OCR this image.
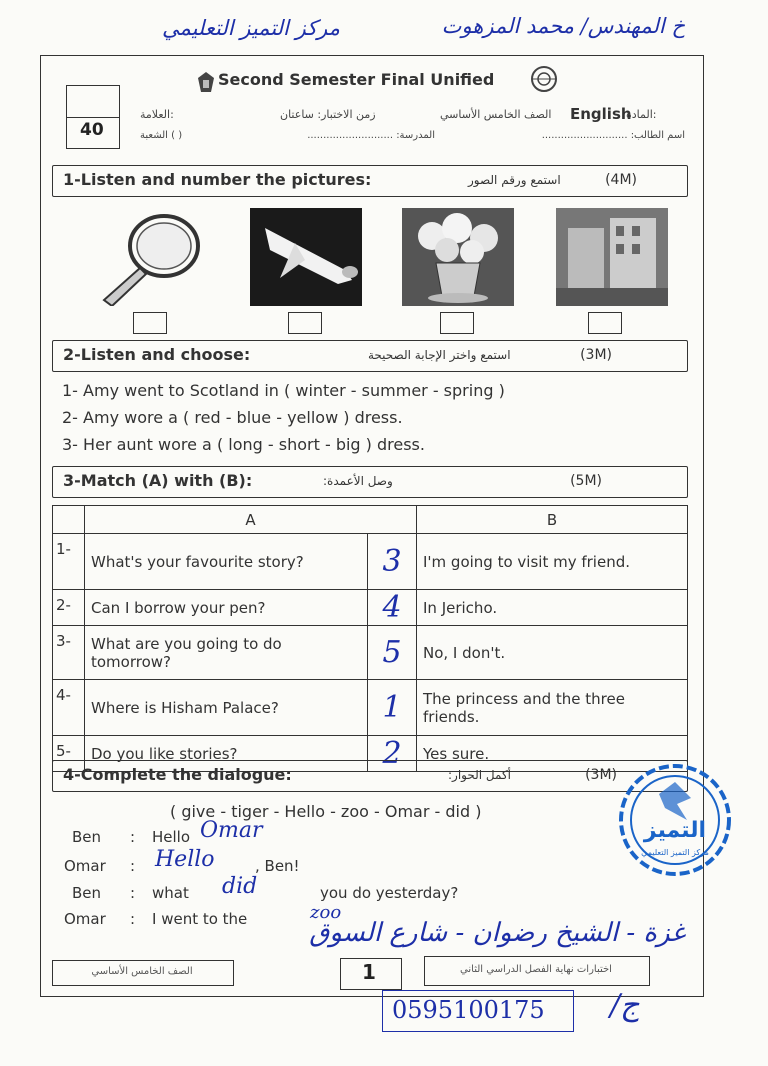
خ المهندس/ محمد المزهوت
مركز التميز التعليمي
Second Semester Final Unified
40
English
المادة:
الصف الخامس الأساسي
زمن الاختبار: ساعتان
العلامة:
اسم الطالب: ...........................
المدرسة: ...........................
الشعبة ( )
1-Listen and number the pictures:	استمع ورقم الصور	(4M)
2-Listen and choose:	استمع واختر الإجابة الصحيحة	(3M)
1- Amy went to Scotland in ( winter - summer - spring )
2- Amy wore a ( red - blue - yellow ) dress.
3- Her aunt wore a ( long - short - big ) dress.
3-Match (A) with (B):	وصل الأعمدة:	(5M)
	A		B
1-	What's your favourite story?	3	I'm going to visit my friend.
2-	Can I borrow your pen?	4	In Jericho.
3-	What are you going to do tomorrow?	5	No, I don't.
4-	Where is Hisham Palace?	1	The princess and the three friends.
5-	Do you like stories?	2	Yes sure.
4-Complete the dialogue:	أكمل الحوار:	(3M)
( give - tiger - Hello - zoo - Omar - did )
Ben : Hello Omar
Omar : Hello	, Ben!
Ben : what did	you do yesterday?
Omar : I went to the	zoo
التميز
مركز التميز التعليمي
غزة - الشيخ رضوان - شارع السوق
الصف الخامس الأساسي	1	اختبارات نهاية الفصل الدراسي الثاني
0595100175 /ج
